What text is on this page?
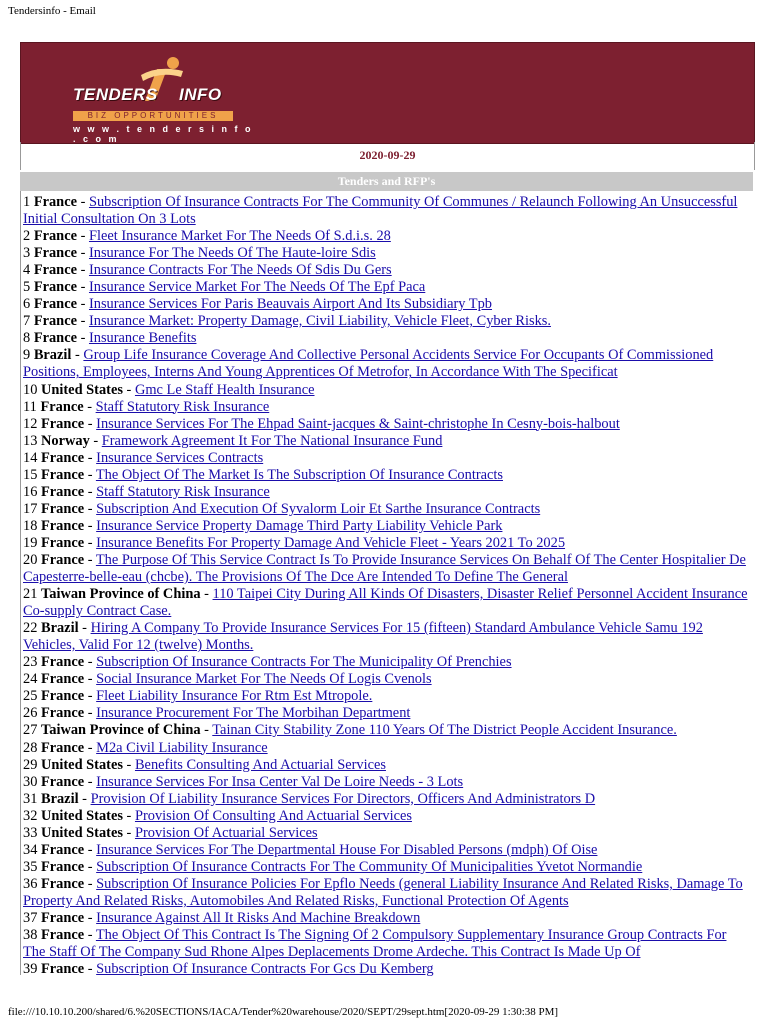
Tendersinfo - Email
TENDERS INFO
BIZ OPPORTUNITIES
w w w . t e n d e r s i n f o . c o m
2020-09-29
Tenders and RFP's
1 France - Subscription Of Insurance Contracts For The Community Of Communes / Relaunch Following An Unsuccessful Initial Consultation On 3 Lots
2 France - Fleet Insurance Market For The Needs Of S.d.i.s. 28
3 France - Insurance For The Needs Of The Haute-loire Sdis
4 France - Insurance Contracts For The Needs Of Sdis Du Gers
5 France - Insurance Service Market For The Needs Of The Epf Paca
6 France - Insurance Services For Paris Beauvais Airport And Its Subsidiary Tpb
7 France - Insurance Market: Property Damage, Civil Liability, Vehicle Fleet, Cyber Risks.
8 France - Insurance Benefits
9 Brazil - Group Life Insurance Coverage And Collective Personal Accidents Service For Occupants Of Commissioned Positions, Employees, Interns And Young Apprentices Of Metrofor, In Accordance With The Specificat
10 United States - Gmc Le Staff Health Insurance
11 France - Staff Statutory Risk Insurance
12 France - Insurance Services For The Ehpad Saint-jacques & Saint-christophe In Cesny-bois-halbout
13 Norway - Framework Agreement It For The National Insurance Fund
14 France - Insurance Services Contracts
15 France - The Object Of The Market Is The Subscription Of Insurance Contracts
16 France - Staff Statutory Risk Insurance
17 France - Subscription And Execution Of Syvalorm Loir Et Sarthe Insurance Contracts
18 France - Insurance Service Property Damage Third Party Liability Vehicle Park
19 France - Insurance Benefits For Property Damage And Vehicle Fleet - Years 2021 To 2025
20 France - The Purpose Of This Service Contract Is To Provide Insurance Services On Behalf Of The Center Hospitalier De Capesterre-belle-eau (chcbe). The Provisions Of The Dce Are Intended To Define The General
21 Taiwan Province of China - 110 Taipei City During All Kinds Of Disasters, Disaster Relief Personnel Accident Insurance Co-supply Contract Case.
22 Brazil - Hiring A Company To Provide Insurance Services For 15 (fifteen) Standard Ambulance Vehicle Samu 192 Vehicles, Valid For 12 (twelve) Months.
23 France - Subscription Of Insurance Contracts For The Municipality Of Prenchies
24 France - Social Insurance Market For The Needs Of Logis Cvenols
25 France - Fleet Liability Insurance For Rtm Est Mtropole.
26 France - Insurance Procurement For The Morbihan Department
27 Taiwan Province of China - Tainan City Stability Zone 110 Years Of The District People Accident Insurance.
28 France - M2a Civil Liability Insurance
29 United States - Benefits Consulting And Actuarial Services
30 France - Insurance Services For Insa Center Val De Loire Needs - 3 Lots
31 Brazil - Provision Of Liability Insurance Services For Directors, Officers And Administrators D
32 United States - Provision Of Consulting And Actuarial Services
33 United States - Provision Of Actuarial Services
34 France - Insurance Services For The Departmental House For Disabled Persons (mdph) Of Oise
35 France - Subscription Of Insurance Contracts For The Community Of Municipalities Yvetot Normandie
36 France - Subscription Of Insurance Policies For Epflo Needs (general Liability Insurance And Related Risks, Damage To Property And Related Risks, Automobiles And Related Risks, Functional Protection Of Agents
37 France - Insurance Against All It Risks And Machine Breakdown
38 France - The Object Of This Contract Is The Signing Of 2 Compulsory Supplementary Insurance Group Contracts For The Staff Of The Company Sud Rhone Alpes Deplacements Drome Ardeche. This Contract Is Made Up Of
39 France - Subscription Of Insurance Contracts For Gcs Du Kemberg
file:///10.10.10.200/shared/6.%20SECTIONS/IACA/Tender%20warehouse/2020/SEPT/29sept.htm[2020-09-29 1:30:38 PM]
